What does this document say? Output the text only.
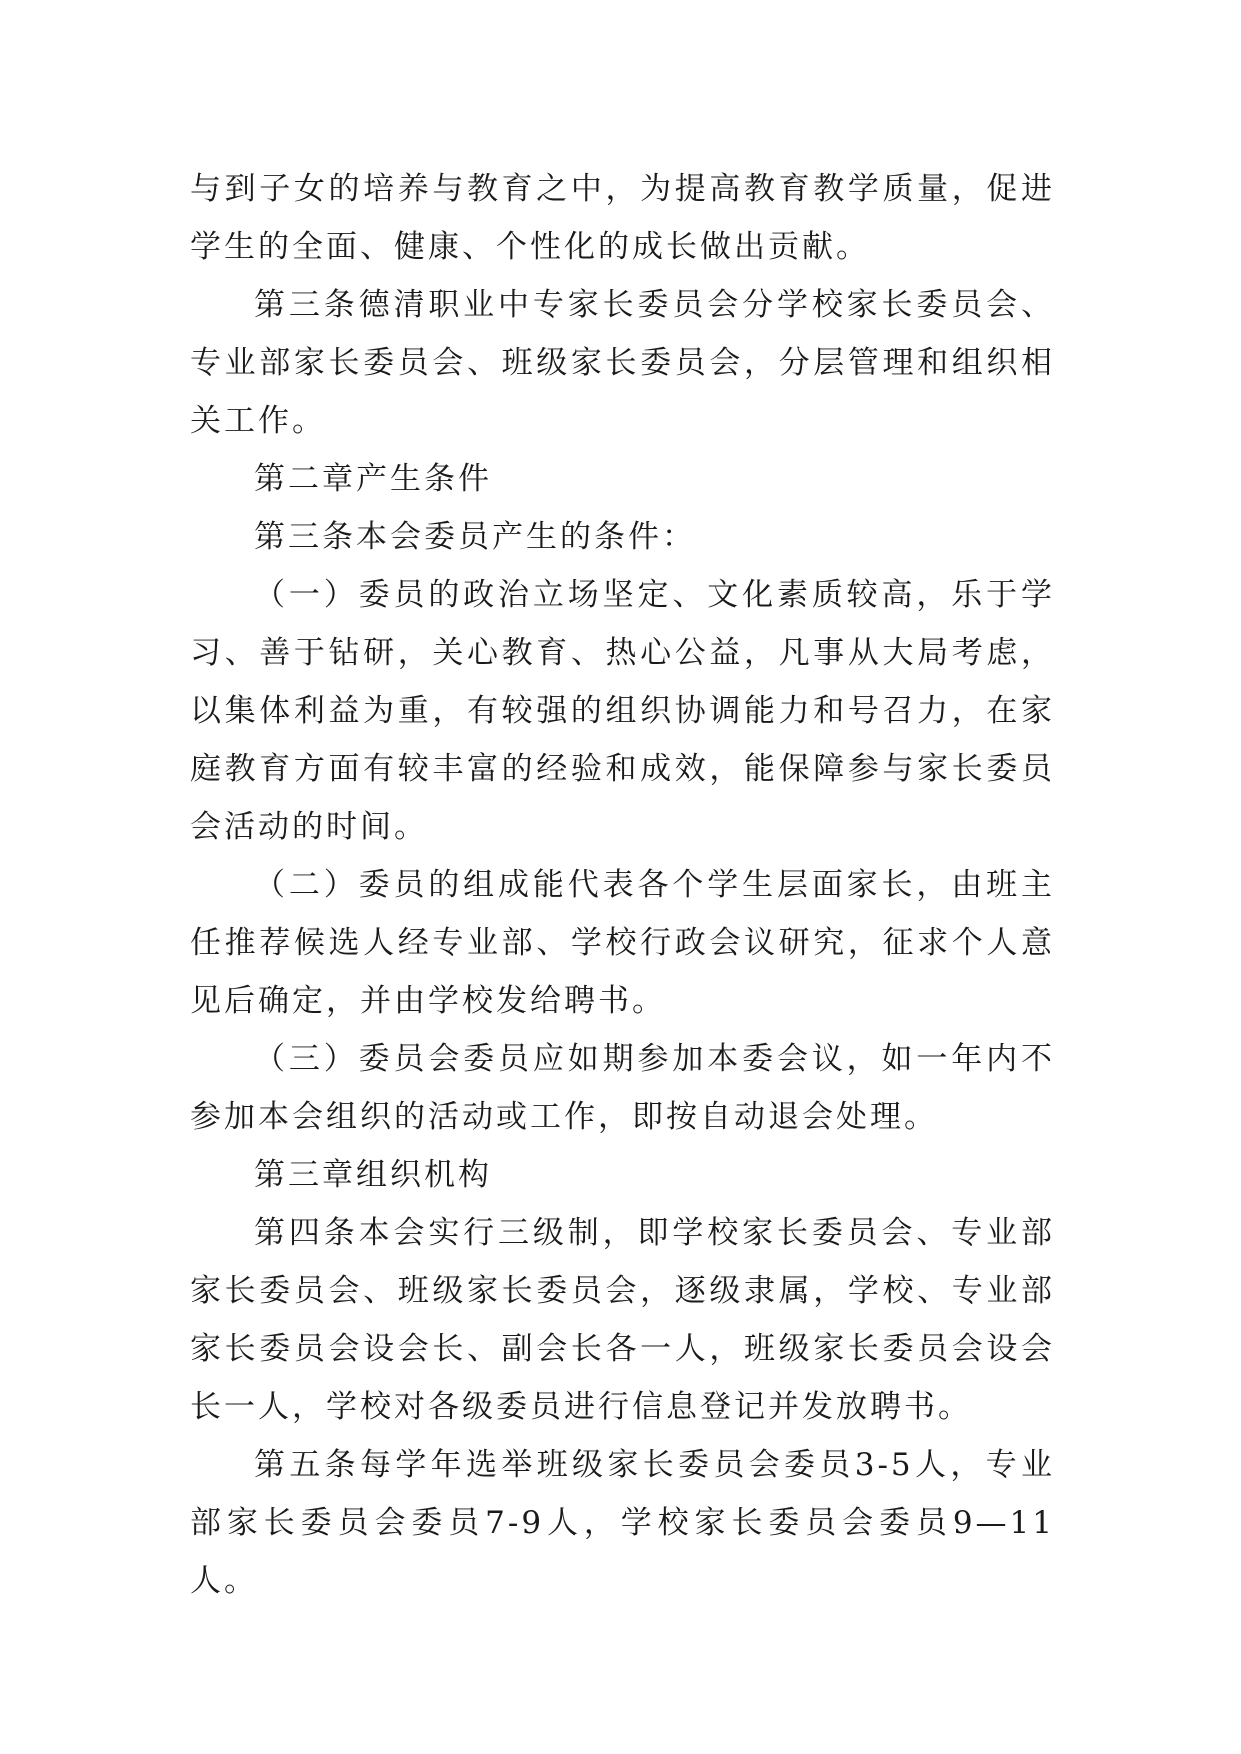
与到子女的培养与教育之中，为提高教育教学质量，促进学生的全面、健康、个性化的成长做出贡献。

第三条德清职业中专家长委员会分学校家长委员会、专业部家长委员会、班级家长委员会，分层管理和组织相关工作。

第二章产生条件

第三条本会委员产生的条件：

（一）委员的政治立场坚定、文化素质较高，乐于学习、善于钻研，关心教育、热心公益，凡事从大局考虑，以集体利益为重，有较强的组织协调能力和号召力，在家庭教育方面有较丰富的经验和成效，能保障参与家长委员会活动的时间。

（二）委员的组成能代表各个学生层面家长，由班主任推荐候选人经专业部、学校行政会议研究，征求个人意见后确定，并由学校发给聘书。

（三）委员会委员应如期参加本委会议，如一年内不参加本会组织的活动或工作，即按自动退会处理。

第三章组织机构

第四条本会实行三级制，即学校家长委员会、专业部家长委员会、班级家长委员会，逐级隶属，学校、专业部家长委员会设会长、副会长各一人，班级家长委员会设会长一人，学校对各级委员进行信息登记并发放聘书。

第五条每学年选举班级家长委员会委员3-5人，专业部家长委员会委员7-9人，学校家长委员会委员9—11人。
